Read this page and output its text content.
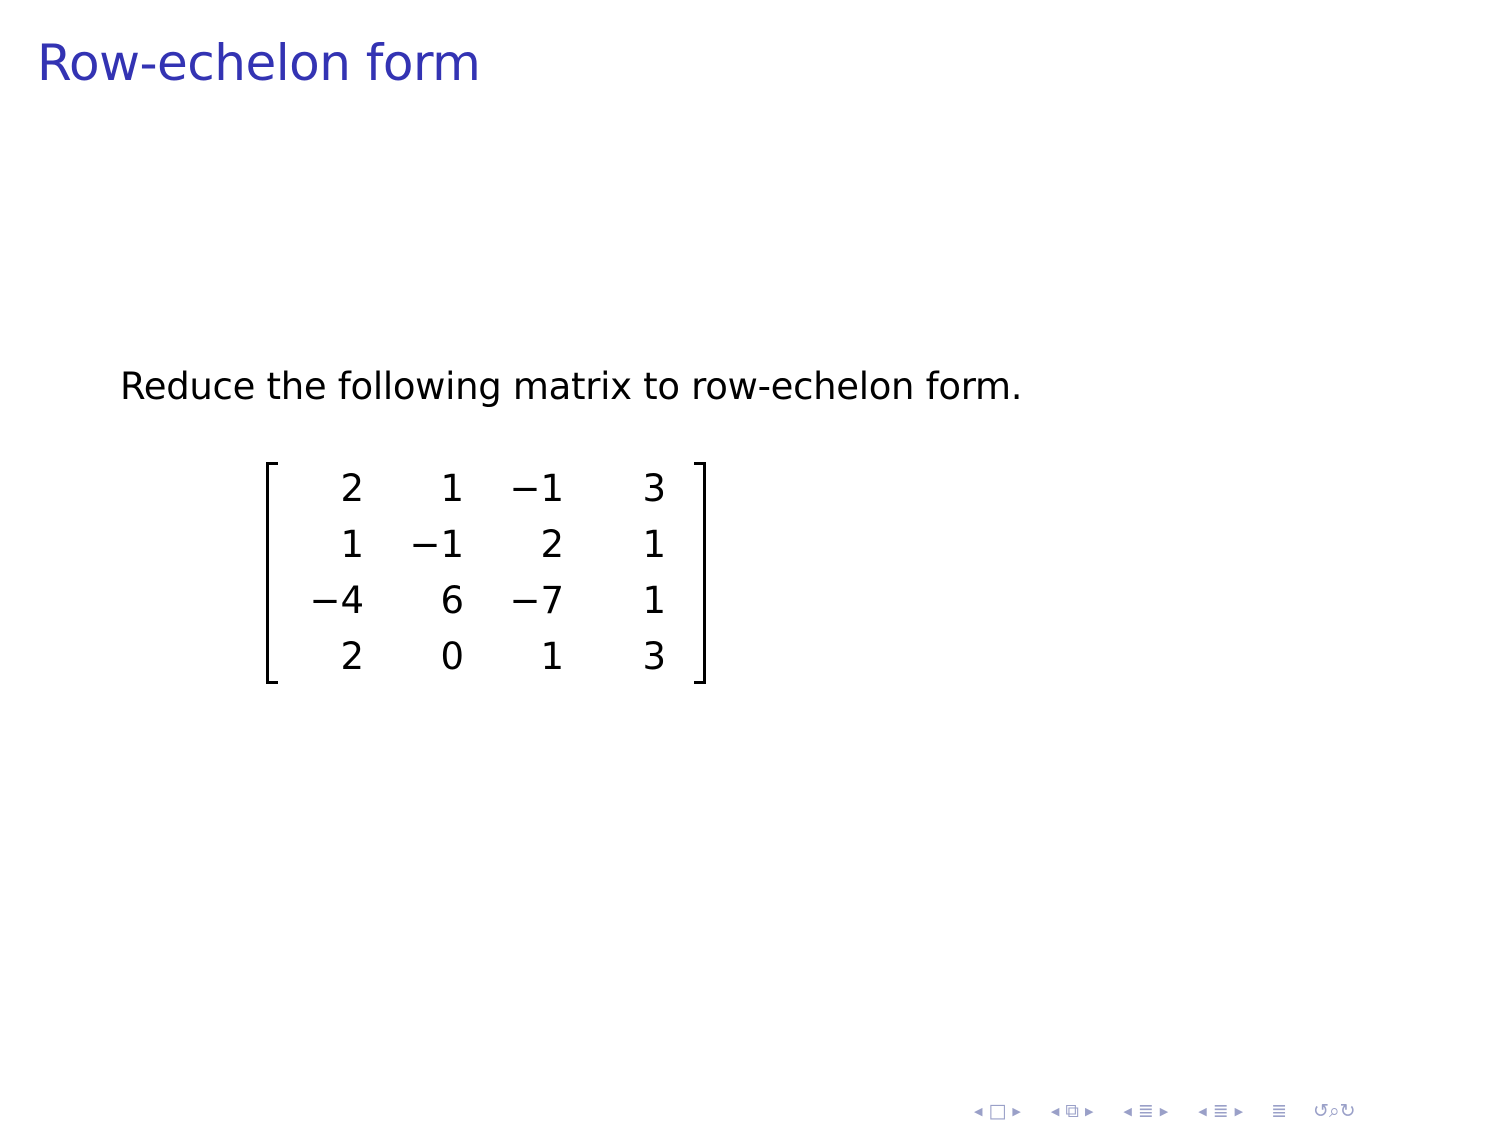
Row-echelon form
Reduce the following matrix to row-echelon form.
2	1	−1	3
1	−1	2	1
−4	6	−7	1
2	0	1	3
◀ □ ▶	◀ ⧉ ▶	◀ ≣ ▶	◀ ≣ ▶ ≣ ↺⌕↻
